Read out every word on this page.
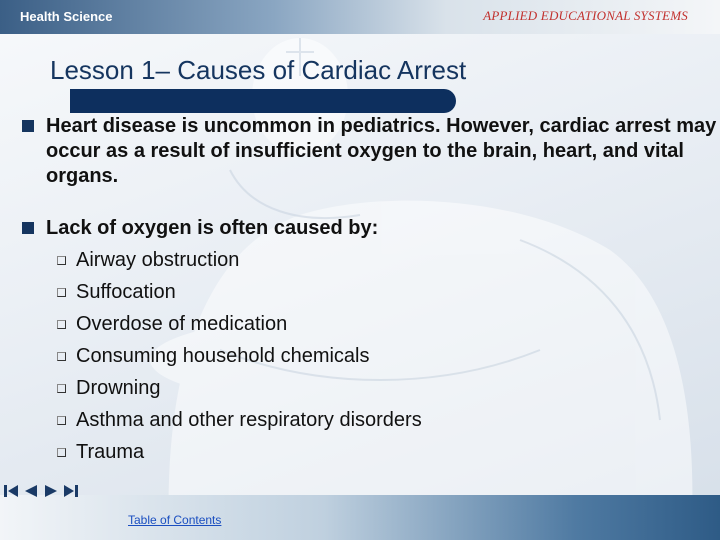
Health Science	APPLIED EDUCATIONAL SYSTEMS
Lesson 1– Causes of Cardiac Arrest
Heart disease is uncommon in pediatrics. However, cardiac arrest may occur as a result of insufficient oxygen to the brain, heart, and vital organs.
Lack of oxygen is often caused by:
Airway obstruction
Suffocation
Overdose of medication
Consuming household chemicals
Drowning
Asthma and other respiratory disorders
Trauma
Table of Contents
